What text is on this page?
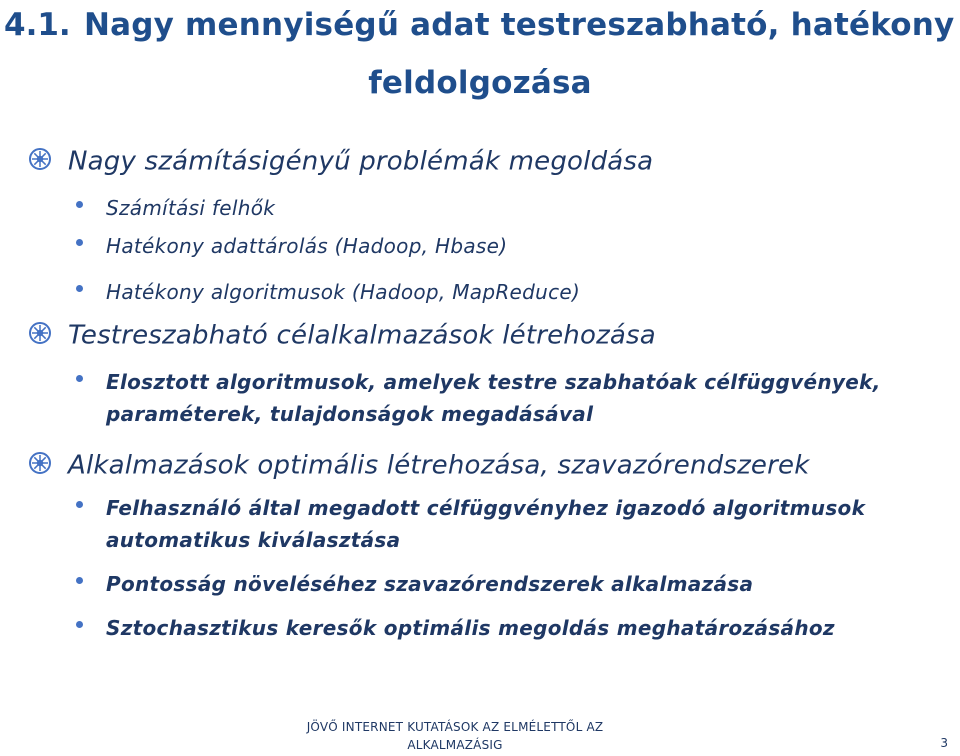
4.1. Nagy mennyiségű adat testreszabható, hatékony
feldolgozása
Nagy számításigényű problémák megoldása
Számítási felhők
Hatékony adattárolás (Hadoop, Hbase)
Hatékony algoritmusok (Hadoop, MapReduce)
Testreszabható célalkalmazások létrehozása
Elosztott algoritmusok, amelyek testre szabhatóak célfüggvények, paraméterek, tulajdonságok megadásával
Alkalmazások optimális létrehozása, szavazórendszerek
Felhasználó által megadott célfüggvényhez igazodó algoritmusok automatikus kiválasztása
Pontosság növeléséhez szavazórendszerek alkalmazása
Sztochasztikus keresők optimális megoldás meghatározásához
JÖVŐ INTERNET KUTATÁSOK AZ ELMÉLETTŐL AZ
ALKALMAZÁSIG	3
